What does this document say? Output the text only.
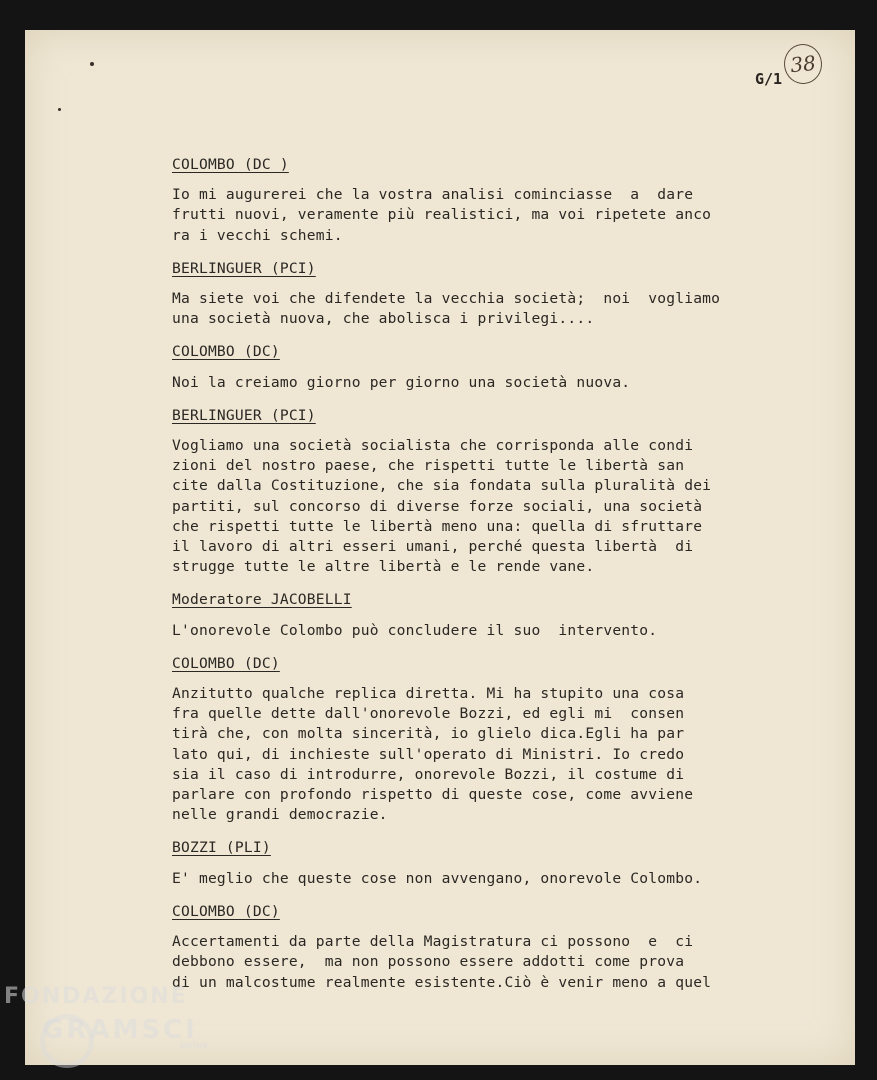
G/1
38
COLOMBO (DC )
Io mi augurerei che la vostra analisi cominciasse  a  dare
frutti nuovi, veramente più realistici, ma voi ripetete anco
ra i vecchi schemi.
BERLINGUER (PCI)
Ma siete voi che difendete la vecchia società;  noi  vogliamo
una società nuova, che abolisca i privilegi....
COLOMBO (DC)
Noi la creiamo giorno per giorno una società nuova.
BERLINGUER (PCI)
Vogliamo una società socialista che corrisponda alle condi
zioni del nostro paese, che rispetti tutte le libertà san
cite dalla Costituzione, che sia fondata sulla pluralità dei
partiti, sul concorso di diverse forze sociali, una società
che rispetti tutte le libertà meno una: quella di sfruttare
il lavoro di altri esseri umani, perché questa libertà  di
strugge tutte le altre libertà e le rende vane.
Moderatore JACOBELLI
L'onorevole Colombo può concludere il suo  intervento.
COLOMBO (DC)
Anzitutto qualche replica diretta. Mi ha stupito una cosa
fra quelle dette dall'onorevole Bozzi, ed egli mi  consen
tirà che, con molta sincerità, io glielo dica.Egli ha par
lato qui, di inchieste sull'operato di Ministri. Io credo
sia il caso di introdurre, onorevole Bozzi, il costume di
parlare con profondo rispetto di queste cose, come avviene
nelle grandi democrazie.
BOZZI (PLI)
E' meglio che queste cose non avvengano, onorevole Colombo.
COLOMBO (DC)
Accertamenti da parte della Magistratura ci possono  e  ci
debbono essere,  ma non possono essere addotti come prova
di un malcostume realmente esistente.Ciò è venir meno a quel
FONDAZIONE
GRAMSCI
onlus
